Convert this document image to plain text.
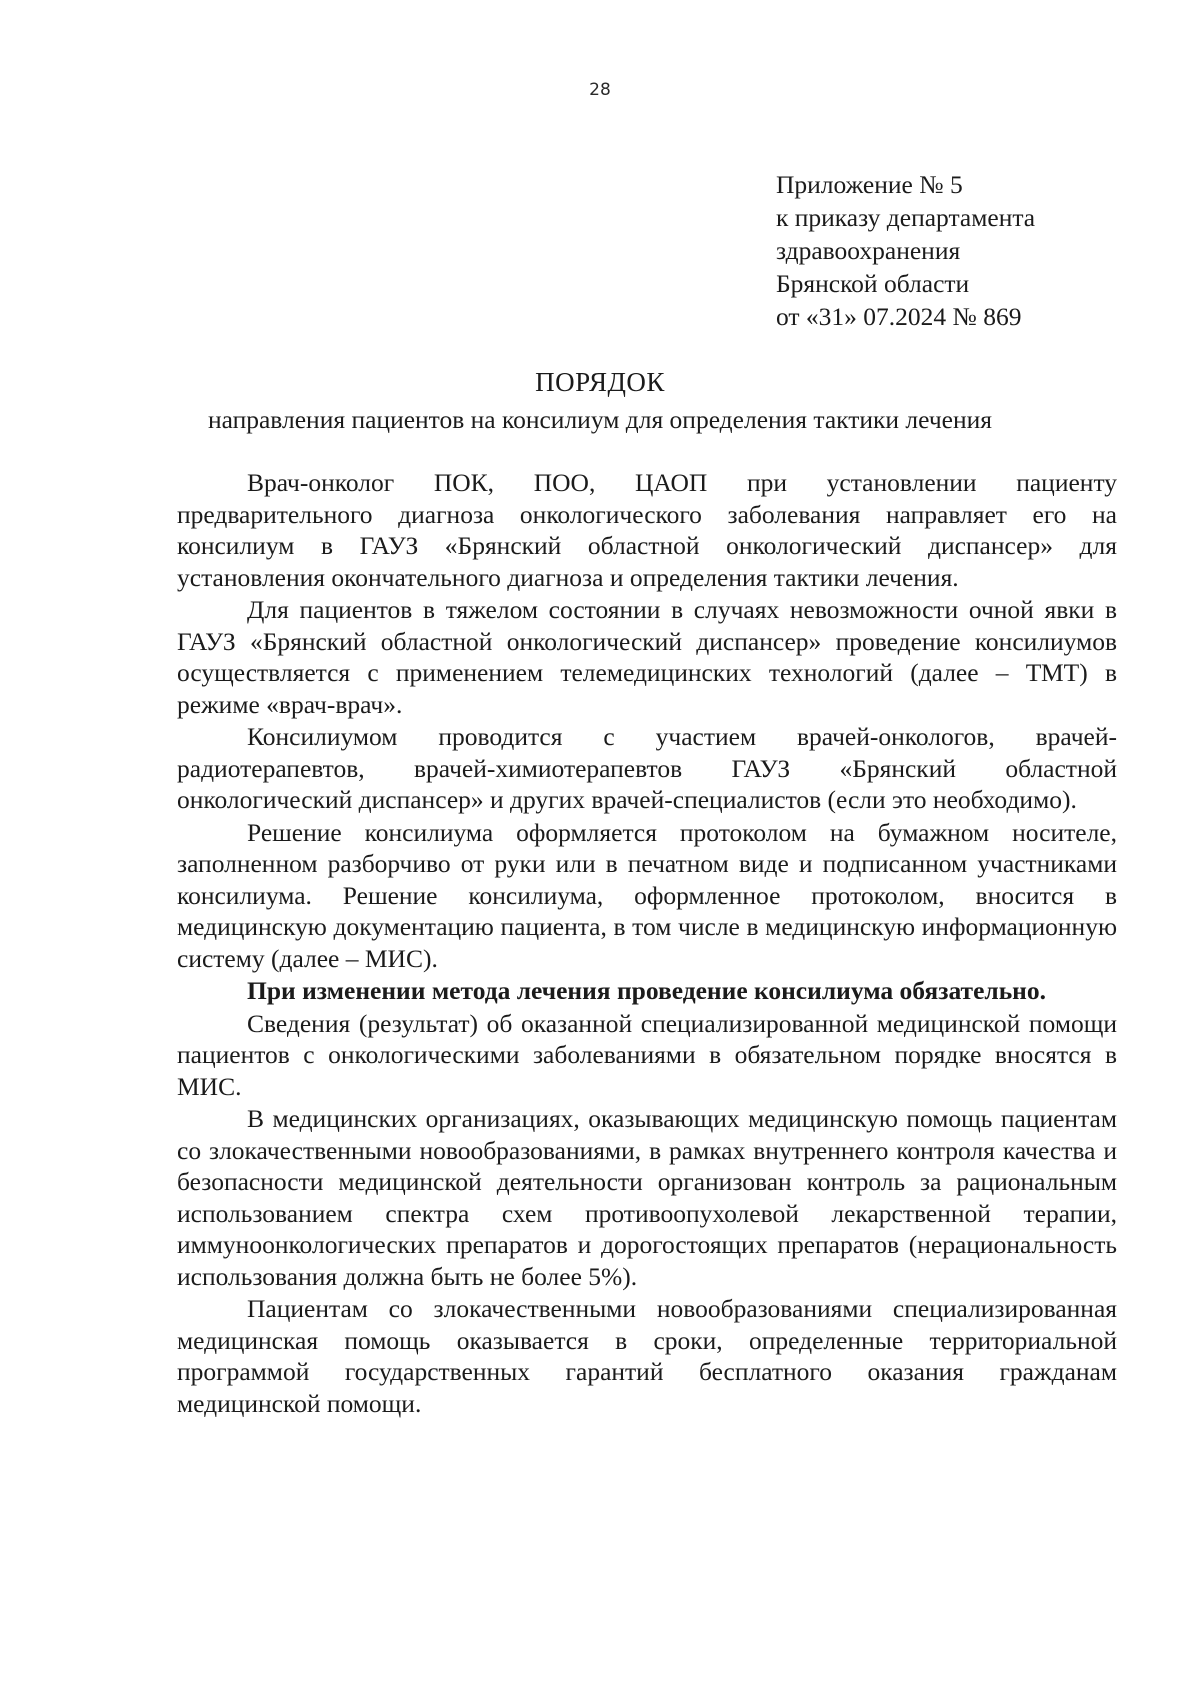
28
Приложение № 5
к приказу департамента
здравоохранения
Брянской области
от «31» 07.2024 № 869
ПОРЯДОК
направления пациентов на консилиум для определения тактики лечения

Врач-онколог ПОК, ПОО, ЦАОП при установлении пациенту предварительного диагноза онкологического заболевания направляет его на консилиум в ГАУЗ «Брянский областной онкологический диспансер» для установления окончательного диагноза и определения тактики лечения.

Для пациентов в тяжелом состоянии в случаях невозможности очной явки в ГАУЗ «Брянский областной онкологический диспансер» проведение консилиумов осуществляется с применением телемедицинских технологий (далее – ТМТ) в режиме «врач-врач».

Консилиумом проводится с участием врачей-онкологов, врачей-радиотерапевтов, врачей-химиотерапевтов ГАУЗ «Брянский областной онкологический диспансер» и других врачей-специалистов (если это необходимо).

Решение консилиума оформляется протоколом на бумажном носителе, заполненном разборчиво от руки или в печатном виде и подписанном участниками консилиума. Решение консилиума, оформленное протоколом, вносится в медицинскую документацию пациента, в том числе в медицинскую информационную систему (далее – МИС).

При изменении метода лечения проведение консилиума обязательно.

Сведения (результат) об оказанной специализированной медицинской помощи пациентов с онкологическими заболеваниями в обязательном порядке вносятся в МИС.

В медицинских организациях, оказывающих медицинскую помощь пациентам со злокачественными новообразованиями, в рамках внутреннего контроля качества и безопасности медицинской деятельности организован контроль за рациональным использованием спектра схем противоопухолевой лекарственной терапии, иммуноонкологических препаратов и дорогостоящих препаратов (нерациональность использования должна быть не более 5%).

Пациентам со злокачественными новообразованиями специализированная медицинская помощь оказывается в сроки, определенные территориальной программой государственных гарантий бесплатного оказания гражданам медицинской помощи.
